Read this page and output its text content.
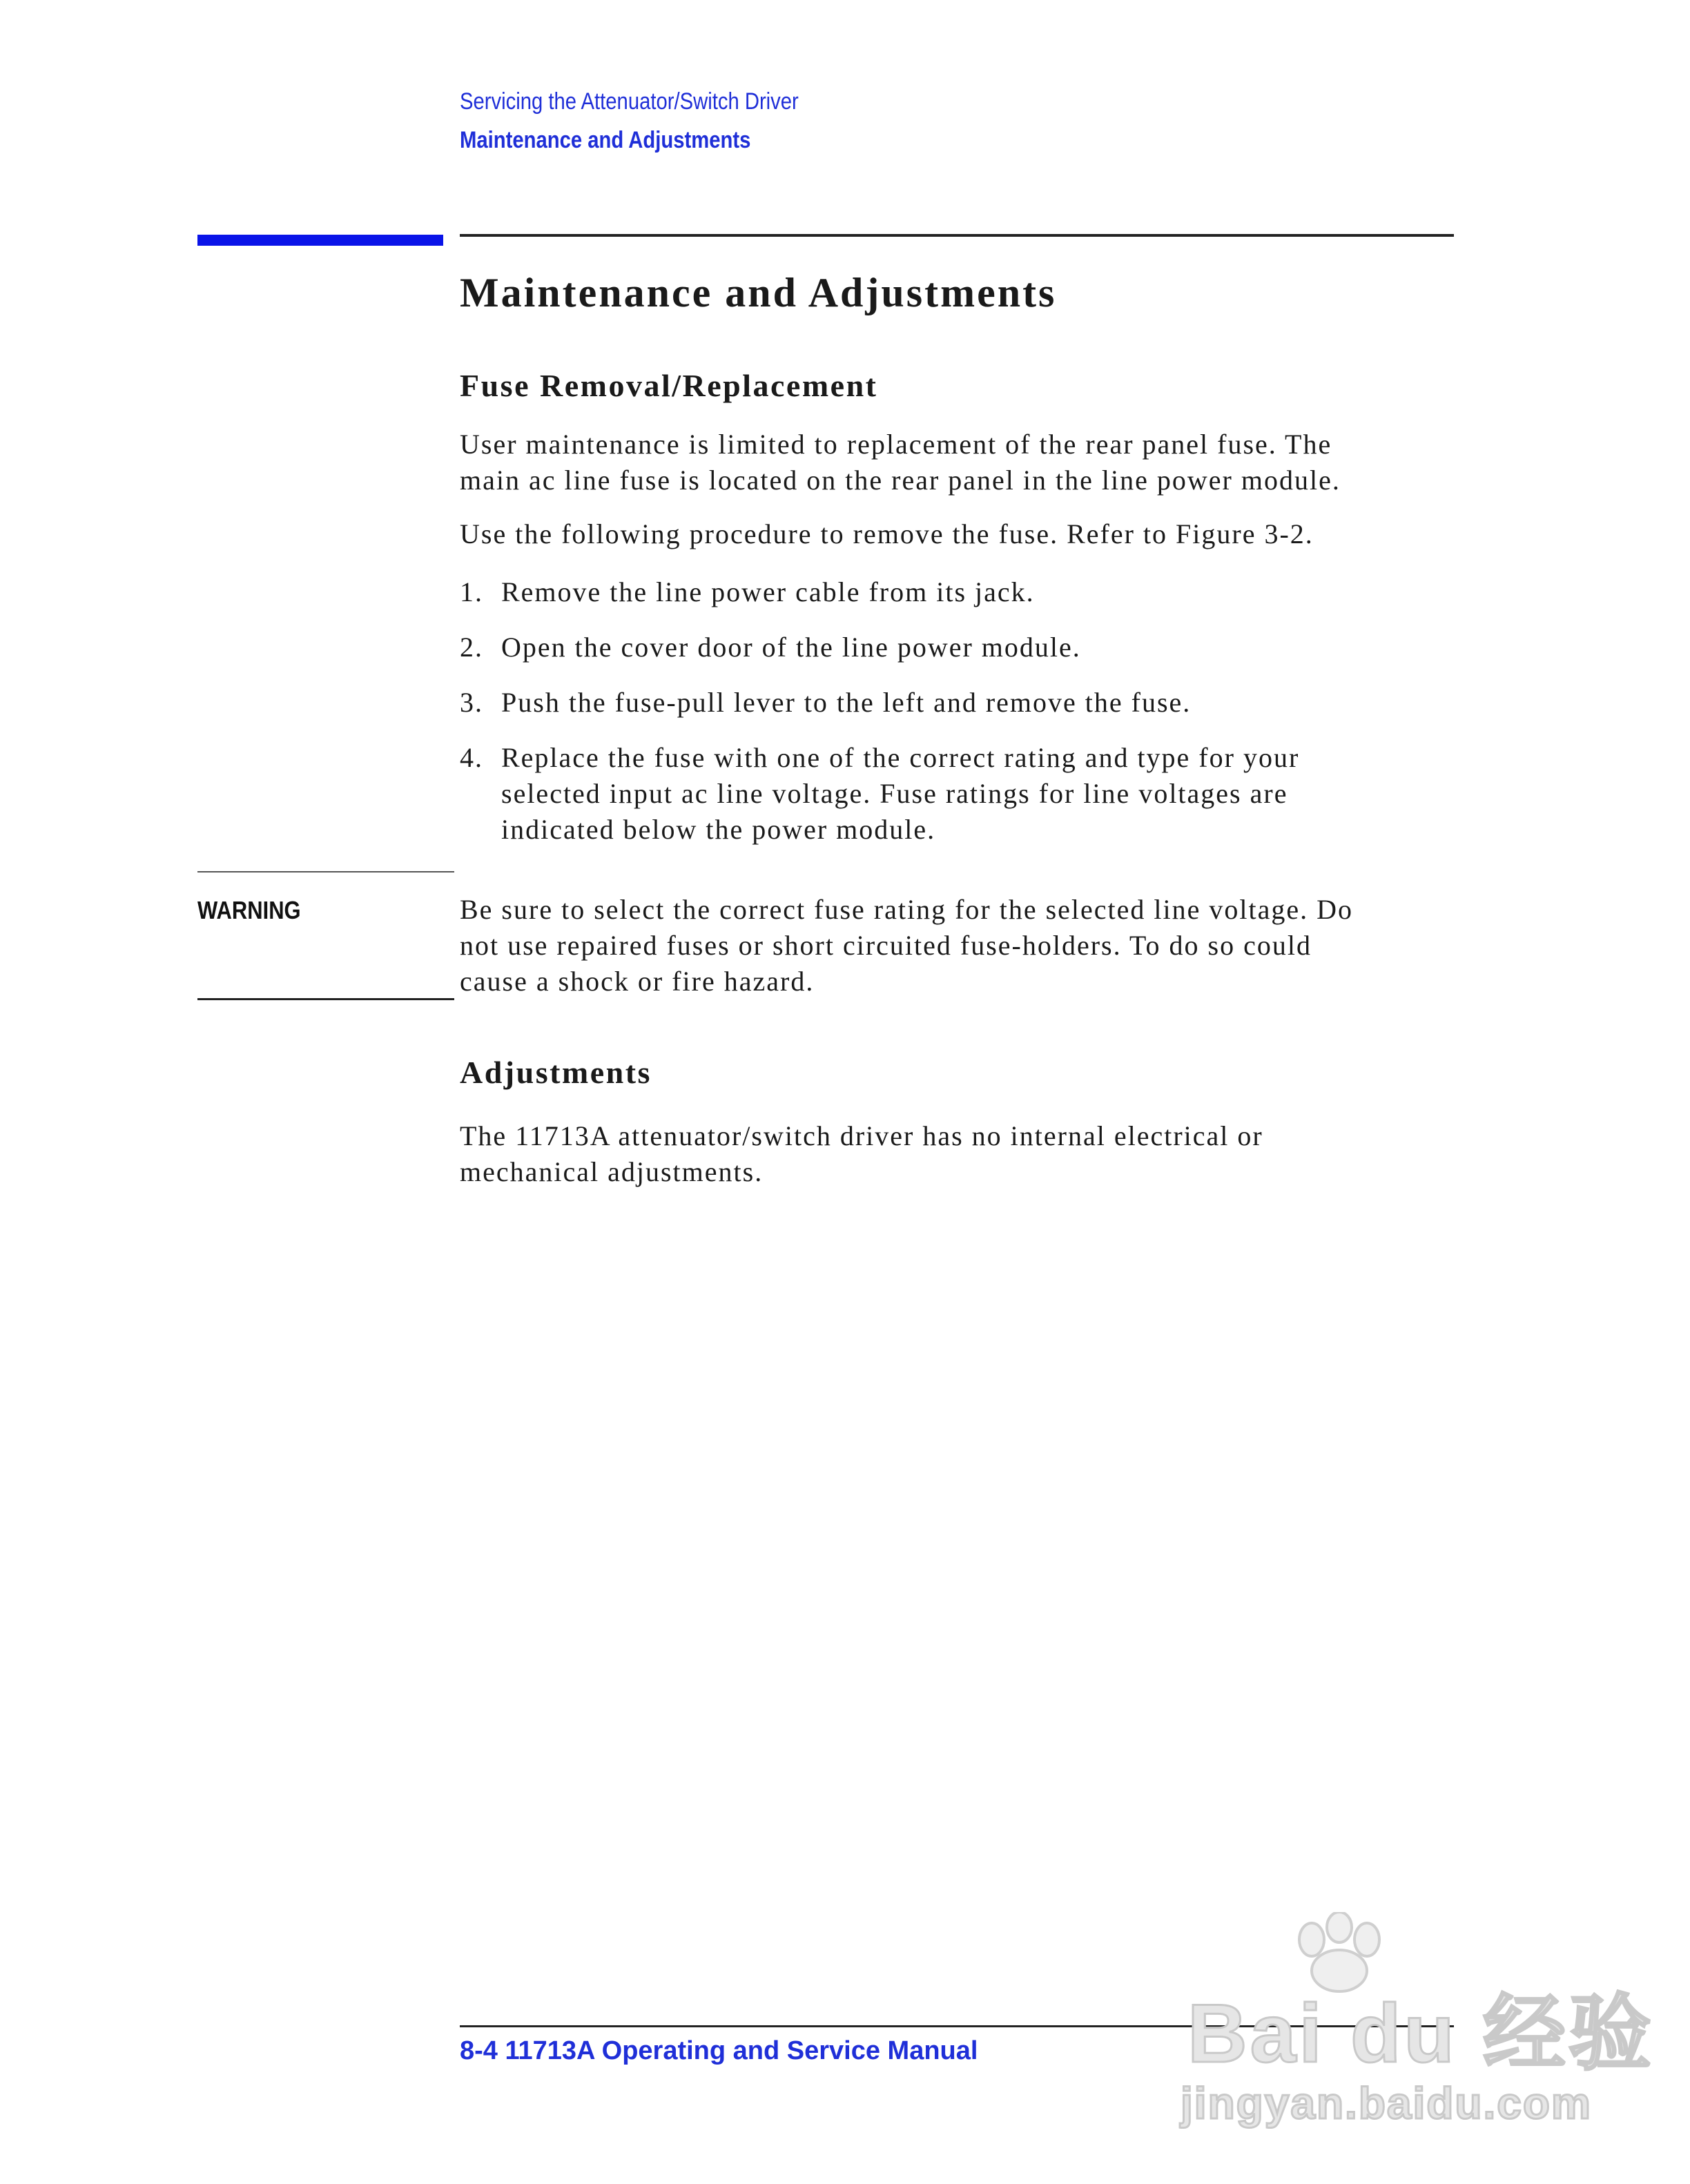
Servicing the Attenuator/Switch Driver
Maintenance and Adjustments
Maintenance and Adjustments
Fuse Removal/Replacement
User maintenance is limited to replacement of the rear panel fuse. The
main ac line fuse is located on the rear panel in the line power module.
Use the following procedure to remove the fuse. Refer to Figure 3-2.
1. Remove the line power cable from its jack.
2. Open the cover door of the line power module.
3. Push the fuse-pull lever to the left and remove the fuse.
4. Replace the fuse with one of the correct rating and type for your
selected input ac line voltage. Fuse ratings for line voltages are
indicated below the power module.
WARNING	Be sure to select the correct fuse rating for the selected line voltage. Do
not use repaired fuses or short circuited fuse-holders. To do so could
cause a shock or fire hazard.
Adjustments
The 11713A attenuator/switch driver has no internal electrical or
mechanical adjustments.
8-4 11713A Operating and Service Manual	Bai du 经验
jingyan.baidu.com
